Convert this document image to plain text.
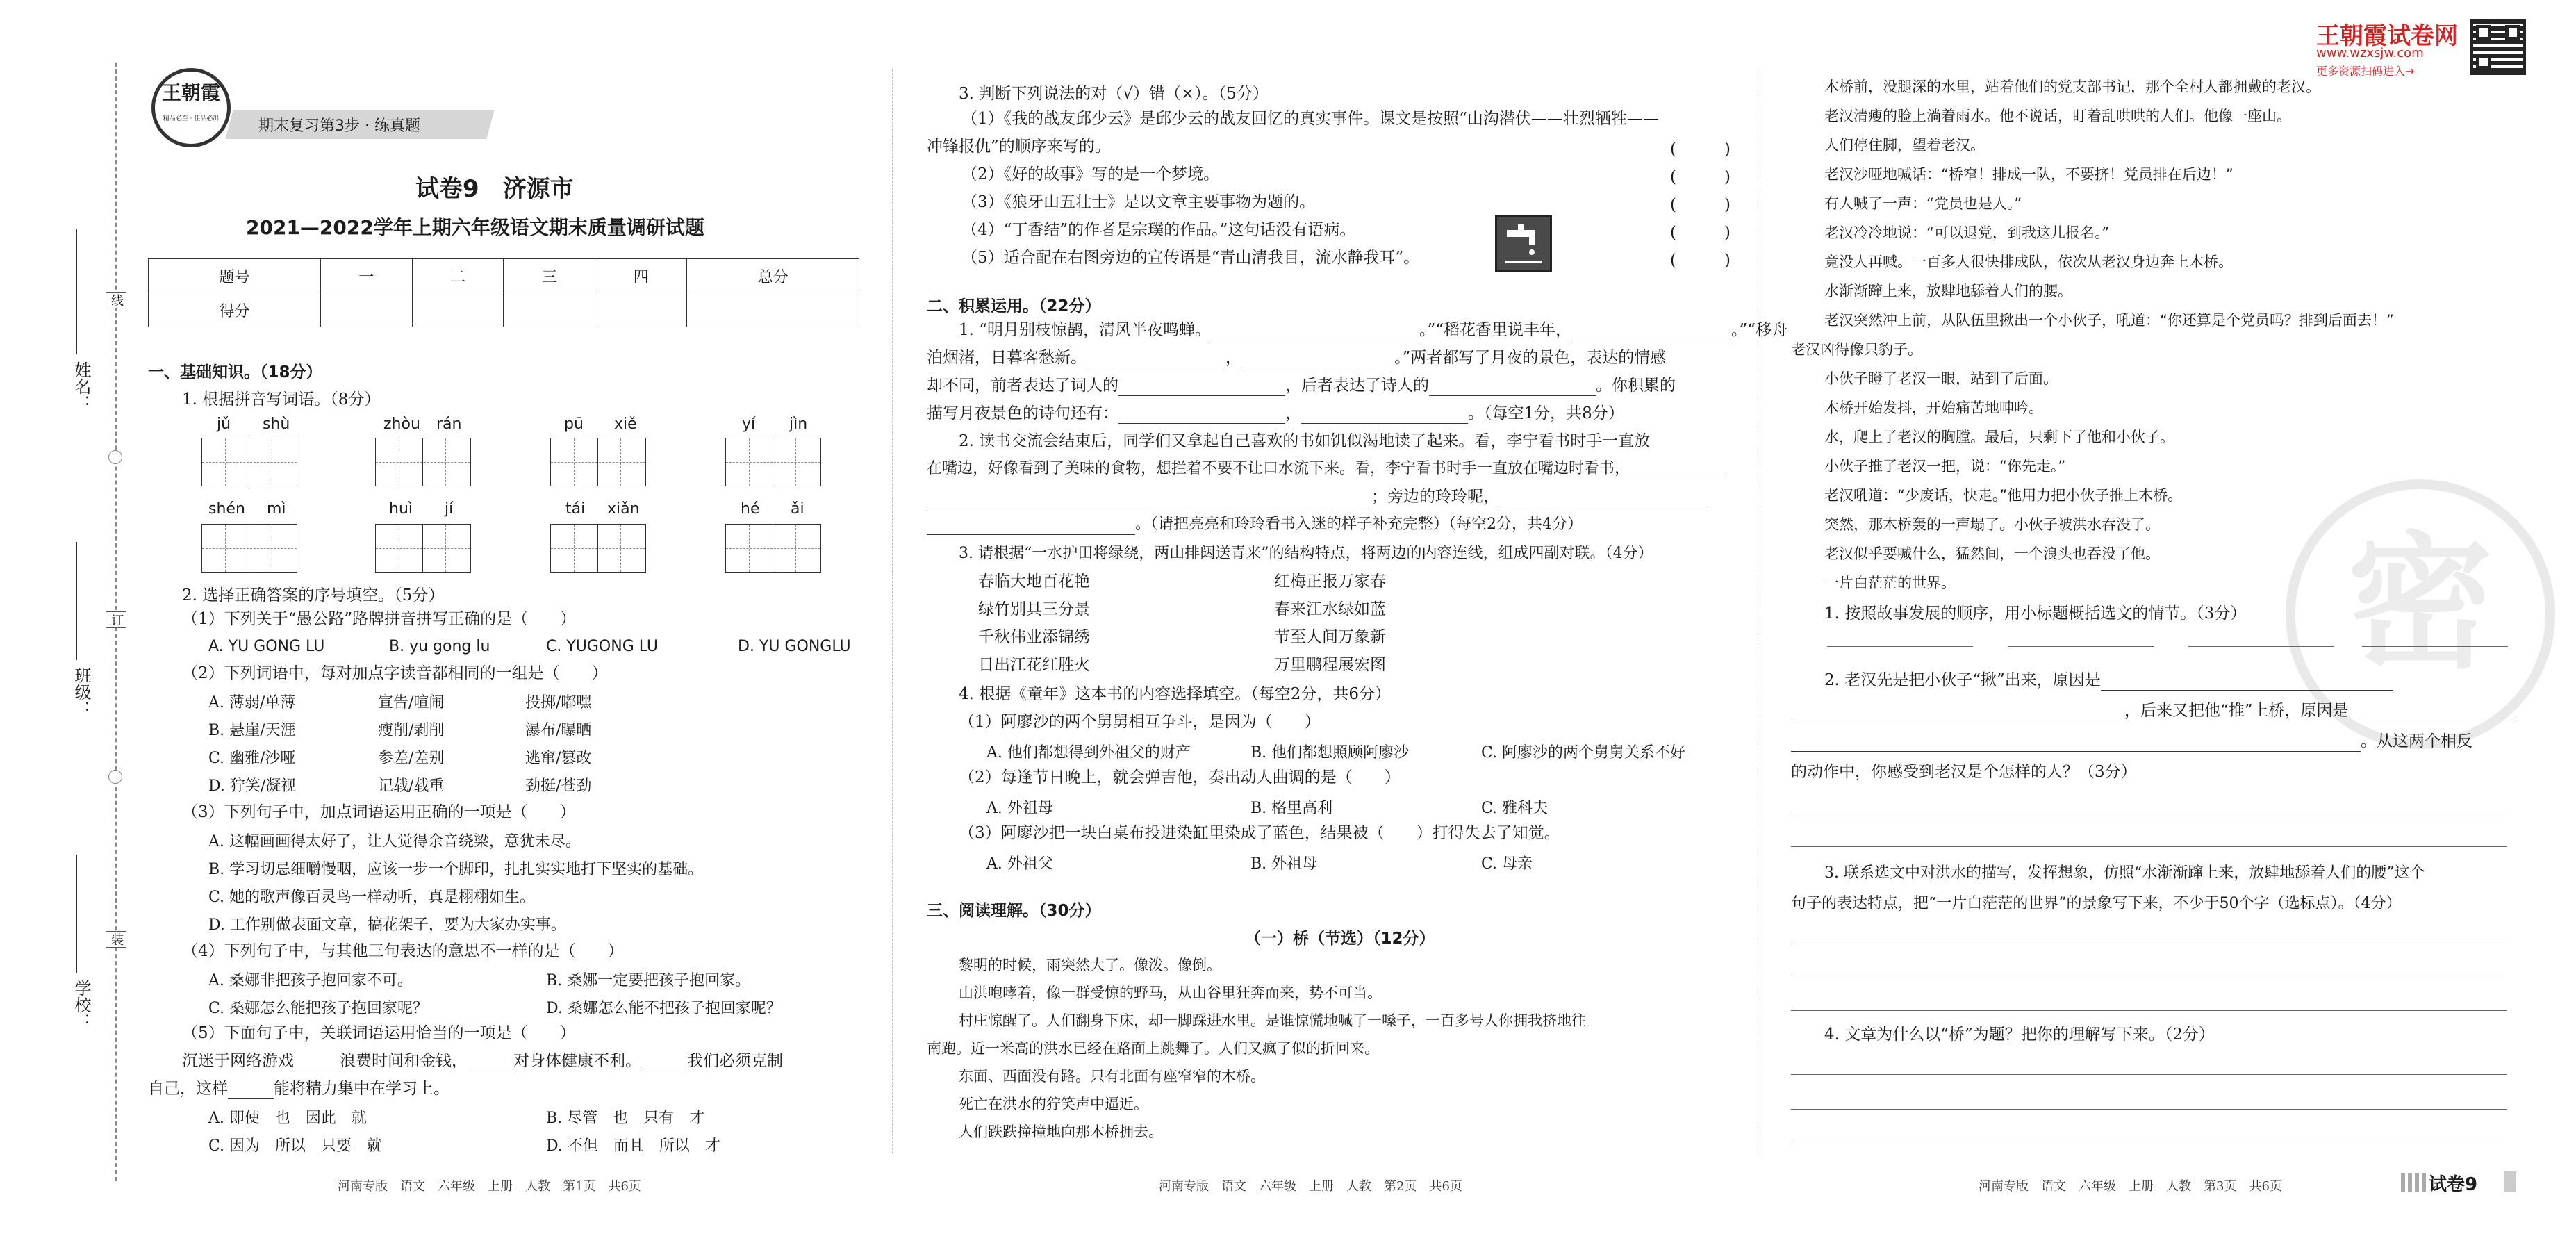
姓名：
班级：
学校：
线
订
装
王朝霞
精品必至 · 佳品必出	期末复习第3步 · 练真题
试卷9　济源市
2021—2022学年上期六年级语文期末质量调研试题
题号	一	二	三	四	总分
得分					
一、基础知识。（18分）
1. 根据拼音写词语。（8分）
jǔ shù	zhòu rán	pū xiě	yí jìn
shén mì	huì jí	tái xiǎn	hé ǎi
2. 选择正确答案的序号填空。（5分）
（1）下列关于“愚公路”路牌拼音拼写正确的是（　　）
A. YU GONG LU	B. yu gong lu	C. YUGONG LU	D. YU GONGLU
（2）下列词语中，每对加点字读音都相同的一组是（　　）
A. 薄弱/单薄	宣告/喧闹	投掷/嘟嘿
B. 悬崖/天涯	瘦削/剥削	瀑布/曝晒
C. 幽雅/沙哑	参差/差别	逃窜/篡改
D. 狞笑/凝视	记载/载重	劲挺/苍劲
（3）下列句子中，加点词语运用正确的一项是（　　）
A. 这幅画画得太好了，让人觉得余音绕梁，意犹未尽。
B. 学习切忌细嚼慢咽，应该一步一个脚印，扎扎实实地打下坚实的基础。
C. 她的歌声像百灵鸟一样动听，真是栩栩如生。
D. 工作别做表面文章，搞花架子，要为大家办实事。
（4）下列句子中，与其他三句表达的意思不一样的是（　　）
A. 桑娜非把孩子抱回家不可。	B. 桑娜一定要把孩子抱回家。
C. 桑娜怎么能把孩子抱回家呢？	D. 桑娜怎么能不把孩子抱回家呢？
（5）下面句子中，关联词语运用恰当的一项是（　　）
沉迷于网络游戏	浪费时间和金钱，	对身体健康不利。	我们必须克制
自己，这样	能将精力集中在学习上。
A. 即使　也　因此　就	B. 尽管　也　只有　才
C. 因为　所以　只要　就	D. 不但　而且　所以　才
河南专版　语文　六年级　上册　人教　第1页　共6页
3. 判断下列说法的对（√）错（×）。（5分）
（1）《我的战友邱少云》是邱少云的战友回忆的真实事件。课文是按照“山沟潜伏——壮烈牺牲——
冲锋报仇”的顺序来写的。	(　　　)
（2）《好的故事》写的是一个梦境。	(　　　)
（3）《狼牙山五壮士》是以文章主要事物为题的。	(　　　)
（4）“丁香结”的作者是宗璞的作品。”这句话没有语病。	(　　　)
（5）适合配在右图旁边的宣传语是“青山清我目，流水静我耳”。	(　　　)
二、积累运用。（22分）
1. “明月别枝惊鹊，清风半夜鸣蝉。	。”“稻花香里说丰年，	。”“移舟
泊烟渚，日暮客愁新。	，	。”两者都写了月夜的景色，表达的情感
却不同，前者表达了词人的	，后者表达了诗人的	。你积累的
描写月夜景色的诗句还有：	，	。（每空1分，共8分）
2. 读书交流会结束后，同学们又拿起自己喜欢的书如饥似渴地读了起来。看，李宁看书时手一直放
在嘴边，好像看到了美味的食物，想拦着不要不让口水流下来。看，李宁看书时手一直放在嘴边时看书，
；旁边的玲玲呢，
。（请把亮亮和玲玲看书入迷的样子补充完整）（每空2分，共4分）
3. 请根据“一水护田将绿绕，两山排闼送青来”的结构特点，将两边的内容连线，组成四副对联。（4分）
春临大地百花艳	红梅正报万家春
绿竹别具三分景	春来江水绿如蓝
千秋伟业添锦绣	节至人间万象新
日出江花红胜火	万里鹏程展宏图
4. 根据《童年》这本书的内容选择填空。（每空2分，共6分）
（1）阿廖沙的两个舅舅相互争斗，是因为（　　）
A. 他们都想得到外祖父的财产	B. 他们都想照顾阿廖沙	C. 阿廖沙的两个舅舅关系不好
（2）每逢节日晚上，就会弹吉他，奏出动人曲调的是（　　）
A. 外祖母	B. 格里高利	C. 雅科夫
（3）阿廖沙把一块白桌布投进染缸里染成了蓝色，结果被（　　）打得失去了知觉。
A. 外祖父	B. 外祖母	C. 母亲
三、阅读理解。（30分）
（一）桥（节选）（12分）
黎明的时候，雨突然大了。像泼。像倒。
山洪咆哮着，像一群受惊的野马，从山谷里狂奔而来，势不可当。
村庄惊醒了。人们翻身下床，却一脚踩进水里。是谁惊慌地喊了一嗓子，一百多号人你拥我挤地往
南跑。近一米高的洪水已经在路面上跳舞了。人们又疯了似的折回来。
东面、西面没有路。只有北面有座窄窄的木桥。
死亡在洪水的狞笑声中逼近。
人们跌跌撞撞地向那木桥拥去。
河南专版　语文　六年级　上册　人教　第2页　共6页
王朝霞试卷网
www.wzxsjw.com
更多资源扫码进入→
密
木桥前，没腿深的水里，站着他们的党支部书记，那个全村人都拥戴的老汉。
老汉清瘦的脸上淌着雨水。他不说话，盯着乱哄哄的人们。他像一座山。
人们停住脚，望着老汉。
老汉沙哑地喊话：“桥窄！排成一队，不要挤！党员排在后边！”
有人喊了一声：“党员也是人。”
老汉冷冷地说：“可以退党，到我这儿报名。”
竟没人再喊。一百多人很快排成队，依次从老汉身边奔上木桥。
水渐渐蹿上来，放肆地舔着人们的腰。
老汉突然冲上前，从队伍里揪出一个小伙子，吼道：“你还算是个党员吗？排到后面去！”
老汉凶得像只豹子。
小伙子瞪了老汉一眼，站到了后面。
木桥开始发抖，开始痛苦地呻吟。
水，爬上了老汉的胸膛。最后，只剩下了他和小伙子。
小伙子推了老汉一把，说：“你先走。”
老汉吼道：“少废话，快走。”他用力把小伙子推上木桥。
突然，那木桥轰的一声塌了。小伙子被洪水吞没了。
老汉似乎要喊什么，猛然间，一个浪头也吞没了他。
一片白茫茫的世界。
1. 按照故事发展的顺序，用小标题概括选文的情节。（3分）
2. 老汉先是把小伙子“揪”出来，原因是
，后来又把他“推”上桥，原因是
。从这两个相反
的动作中，你感受到老汉是个怎样的人？（3分）
3. 联系选文中对洪水的描写，发挥想象，仿照“水渐渐蹿上来，放肆地舔着人们的腰”这个
句子的表达特点，把“一片白茫茫的世界”的景象写下来，不少于50个字（选标点）。（4分）
4. 文章为什么以“桥”为题？把你的理解写下来。（2分）
河南专版　语文　六年级　上册　人教　第3页　共6页	试卷9
